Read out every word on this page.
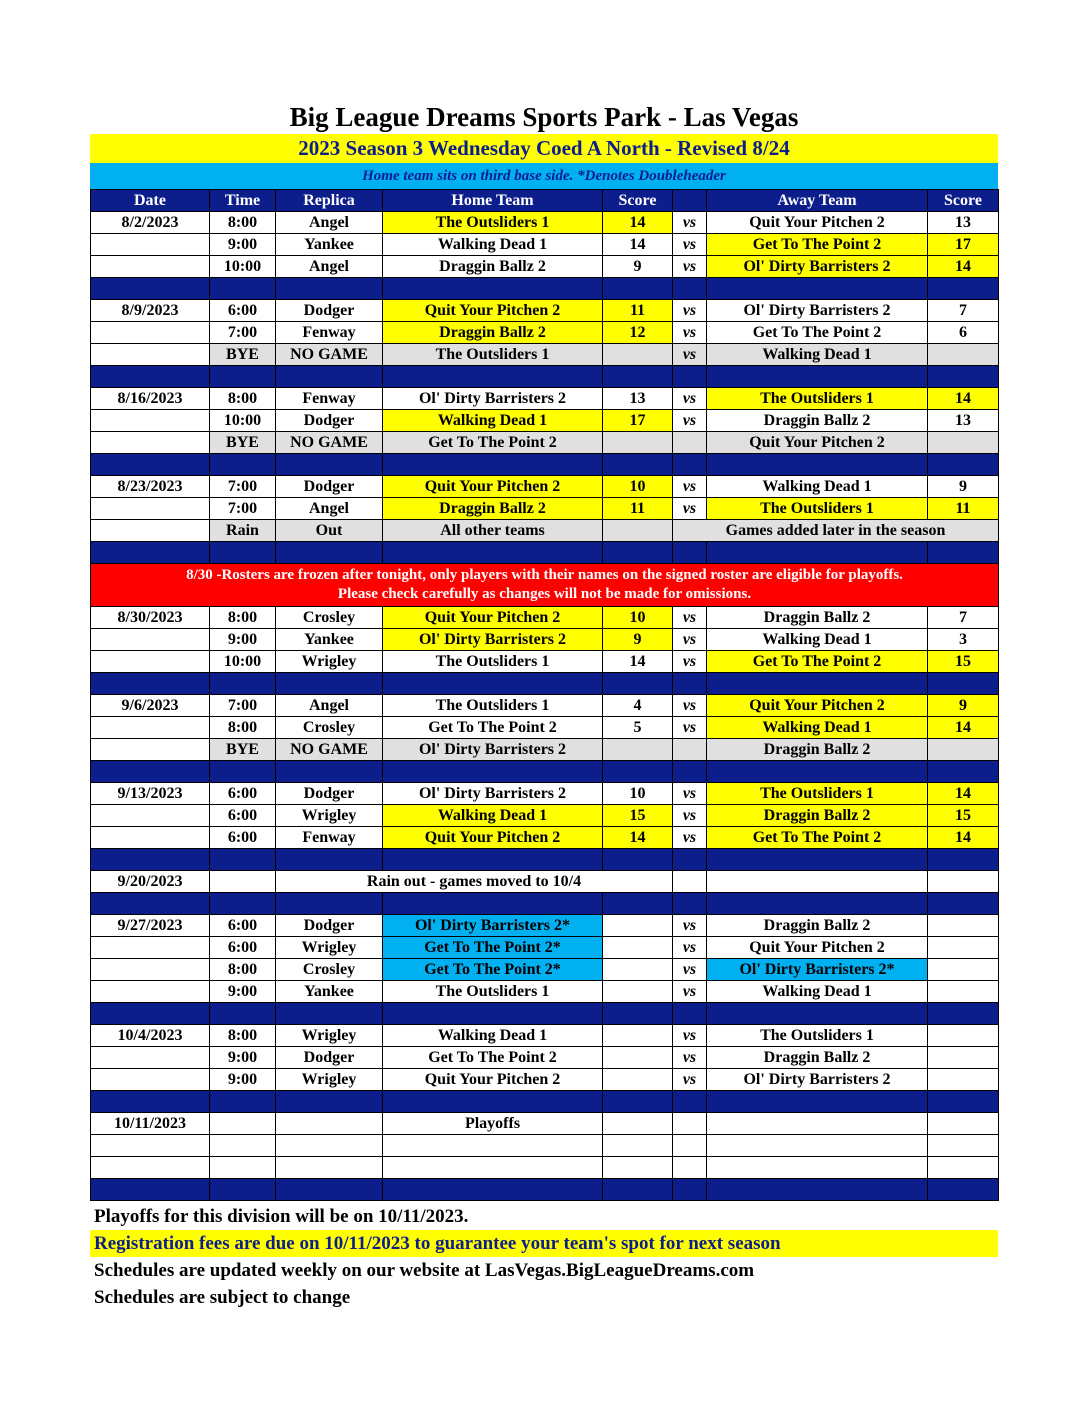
Big League Dreams Sports Park - Las Vegas
2023 Season 3 Wednesday Coed A North - Revised 8/24
Home team sits on third base side. *Denotes Doubleheader
Date	Time	Replica	Home Team	Score		Away Team	Score
8/2/2023	8:00	Angel	The Outsliders 1	14	vs	Quit Your Pitchen 2	13
	9:00	Yankee	Walking Dead 1	14	vs	Get To The Point 2	17
	10:00	Angel	Draggin Ballz 2	9	vs	Ol' Dirty Barristers 2	14

8/9/2023	6:00	Dodger	Quit Your Pitchen 2	11	vs	Ol' Dirty Barristers 2	7
	7:00	Fenway	Draggin Ballz 2	12	vs	Get To The Point 2	6
	BYE	NO GAME	The Outsliders 1		vs	Walking Dead 1	

8/16/2023	8:00	Fenway	Ol' Dirty Barristers 2	13	vs	The Outsliders 1	14
	10:00	Dodger	Walking Dead 1	17	vs	Draggin Ballz 2	13
	BYE	NO GAME	Get To The Point 2			Quit Your Pitchen 2	

8/23/2023	7:00	Dodger	Quit Your Pitchen 2	10	vs	Walking Dead 1	9
	7:00	Angel	Draggin Ballz 2	11	vs	The Outsliders 1	11
	Rain	Out	All other teams		Games added later in the season		

8/30 -Rosters are frozen after tonight, only players with their names on the signed roster are eligible for playoffs.
Please check carefully as changes will not be made for omissions.							

8/30/2023	8:00	Crosley	Quit Your Pitchen 2	10	vs	Draggin Ballz 2	7
	9:00	Yankee	Ol' Dirty Barristers 2	9	vs	Walking Dead 1	3
	10:00	Wrigley	The Outsliders 1	14	vs	Get To The Point 2	15

9/6/2023	7:00	Angel	The Outsliders 1	4	vs	Quit Your Pitchen 2	9
	8:00	Crosley	Get To The Point 2	5	vs	Walking Dead 1	14
	BYE	NO GAME	Ol' Dirty Barristers 2			Draggin Ballz 2	

9/13/2023	6:00	Dodger	Ol' Dirty Barristers 2	10	vs	The Outsliders 1	14
	6:00	Wrigley	Walking Dead 1	15	vs	Draggin Ballz 2	15
	6:00	Fenway	Quit Your Pitchen 2	14	vs	Get To The Point 2	14

9/20/2023		Rain out - games moved to 10/4					

9/27/2023	6:00	Dodger	Ol' Dirty Barristers 2*		vs	Draggin Ballz 2	
	6:00	Wrigley	Get To The Point 2*		vs	Quit Your Pitchen 2	
	8:00	Crosley	Get To The Point 2*		vs	Ol' Dirty Barristers 2*	
	9:00	Yankee	The Outsliders 1		vs	Walking Dead 1	

10/4/2023	8:00	Wrigley	Walking Dead 1		vs	The Outsliders 1	
	9:00	Dodger	Get To The Point 2		vs	Draggin Ballz 2	
	9:00	Wrigley	Quit Your Pitchen 2		vs	Ol' Dirty Barristers 2	

10/11/2023			Playoffs				

Playoffs for this division will be on 10/11/2023.
Registration fees are due on 10/11/2023 to guarantee your team's spot for next season
Schedules are updated weekly on our website at LasVegas.BigLeagueDreams.com
Schedules are subject to change
